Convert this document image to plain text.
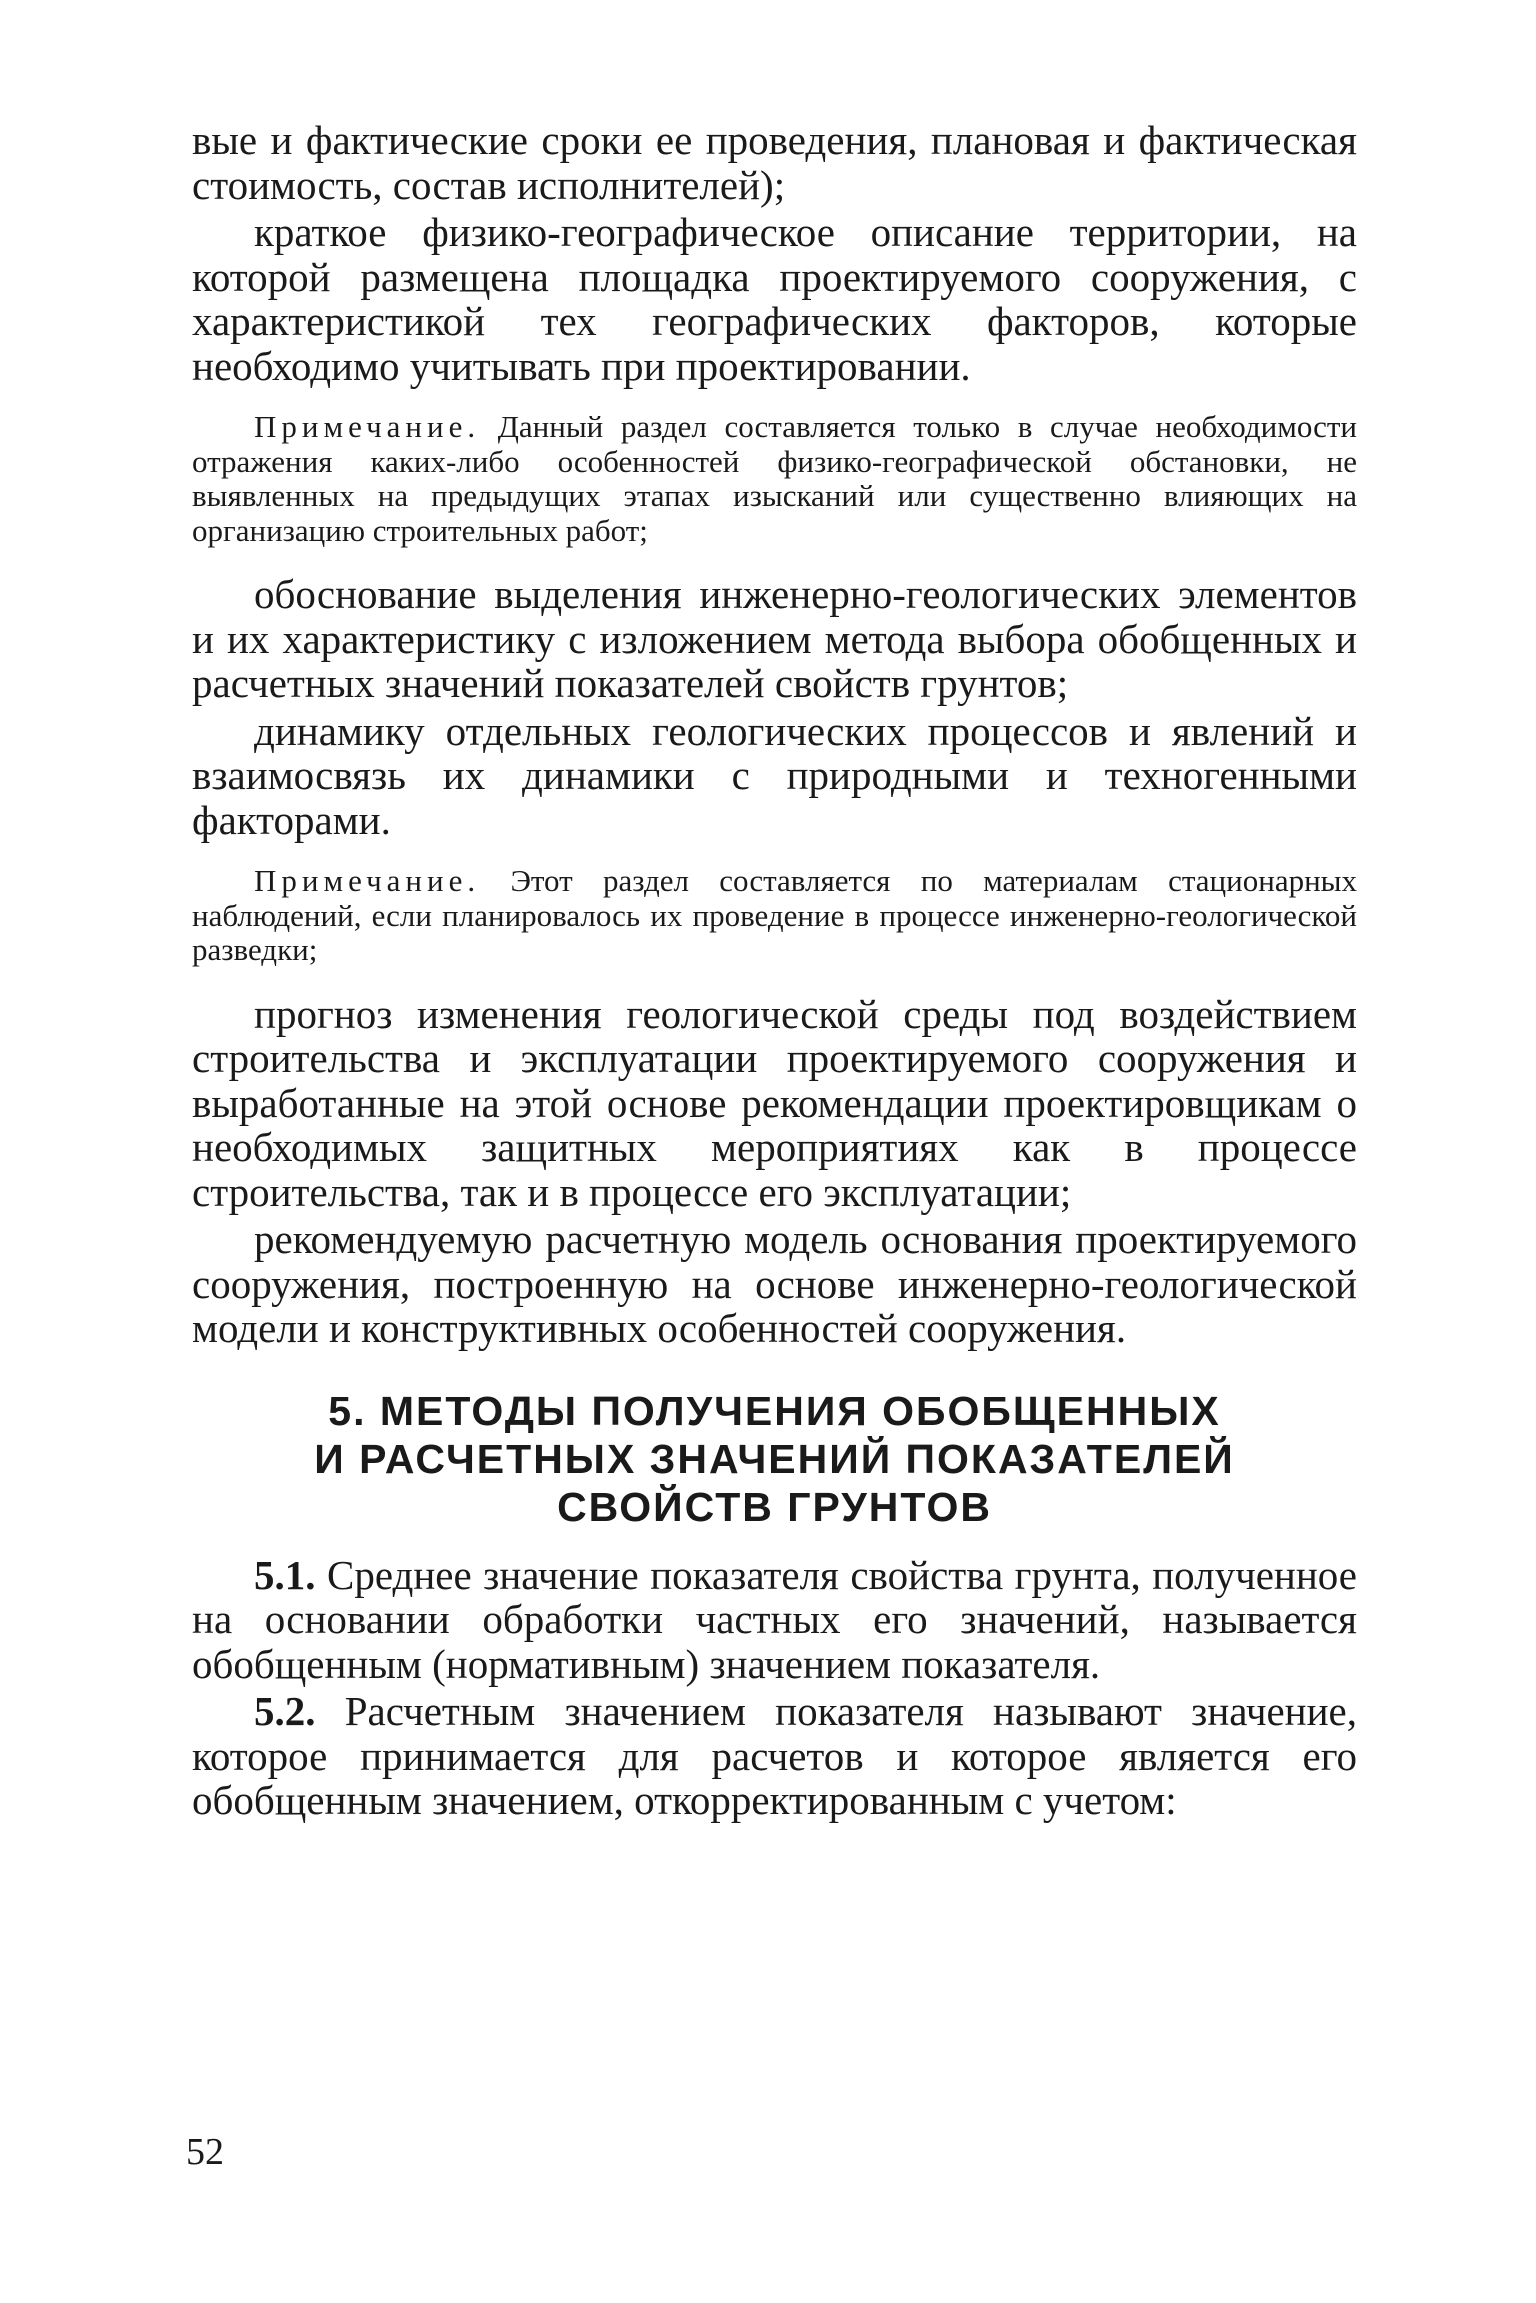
вые и фактические сроки ее проведения, плановая и фактическая стоимость, состав исполнителей);

краткое физико-географическое описание территории, на которой размещена площадка проектируемого сооружения, с характеристикой тех географических факторов, которые необходимо учитывать при проектировании.

Примечание. Данный раздел составляется только в случае необходимости отражения каких-либо особенностей физико-географической обстановки, не выявленных на предыдущих этапах изысканий или существенно влияющих на организацию строительных работ;

обоснование выделения инженерно-геологических элементов и их характеристику с изложением метода выбора обобщенных и расчетных значений показателей свойств грунтов;

динамику отдельных геологических процессов и явлений и взаимосвязь их динамики с природными и техногенными факторами.

Примечание. Этот раздел составляется по материалам стационарных наблюдений, если планировалось их проведение в процессе инженерно-геологической разведки;

прогноз изменения геологической среды под воздействием строительства и эксплуатации проектируемого сооружения и выработанные на этой основе рекомендации проектировщикам о необходимых защитных мероприятиях как в процессе строительства, так и в процессе его эксплуатации;

рекомендуемую расчетную модель основания проектируемого сооружения, построенную на основе инженерно-геологической модели и конструктивных особенностей сооружения.

5. МЕТОДЫ ПОЛУЧЕНИЯ ОБОБЩЕННЫХ
И РАСЧЕТНЫХ ЗНАЧЕНИЙ ПОКАЗАТЕЛЕЙ
СВОЙСТВ ГРУНТОВ

5.1. Среднее значение показателя свойства грунта, полученное на основании обработки частных его значений, называется обобщенным (нормативным) значением показателя.

5.2. Расчетным значением показателя называют значение, которое принимается для расчетов и которое является его обобщенным значением, откорректированным с учетом:

52
